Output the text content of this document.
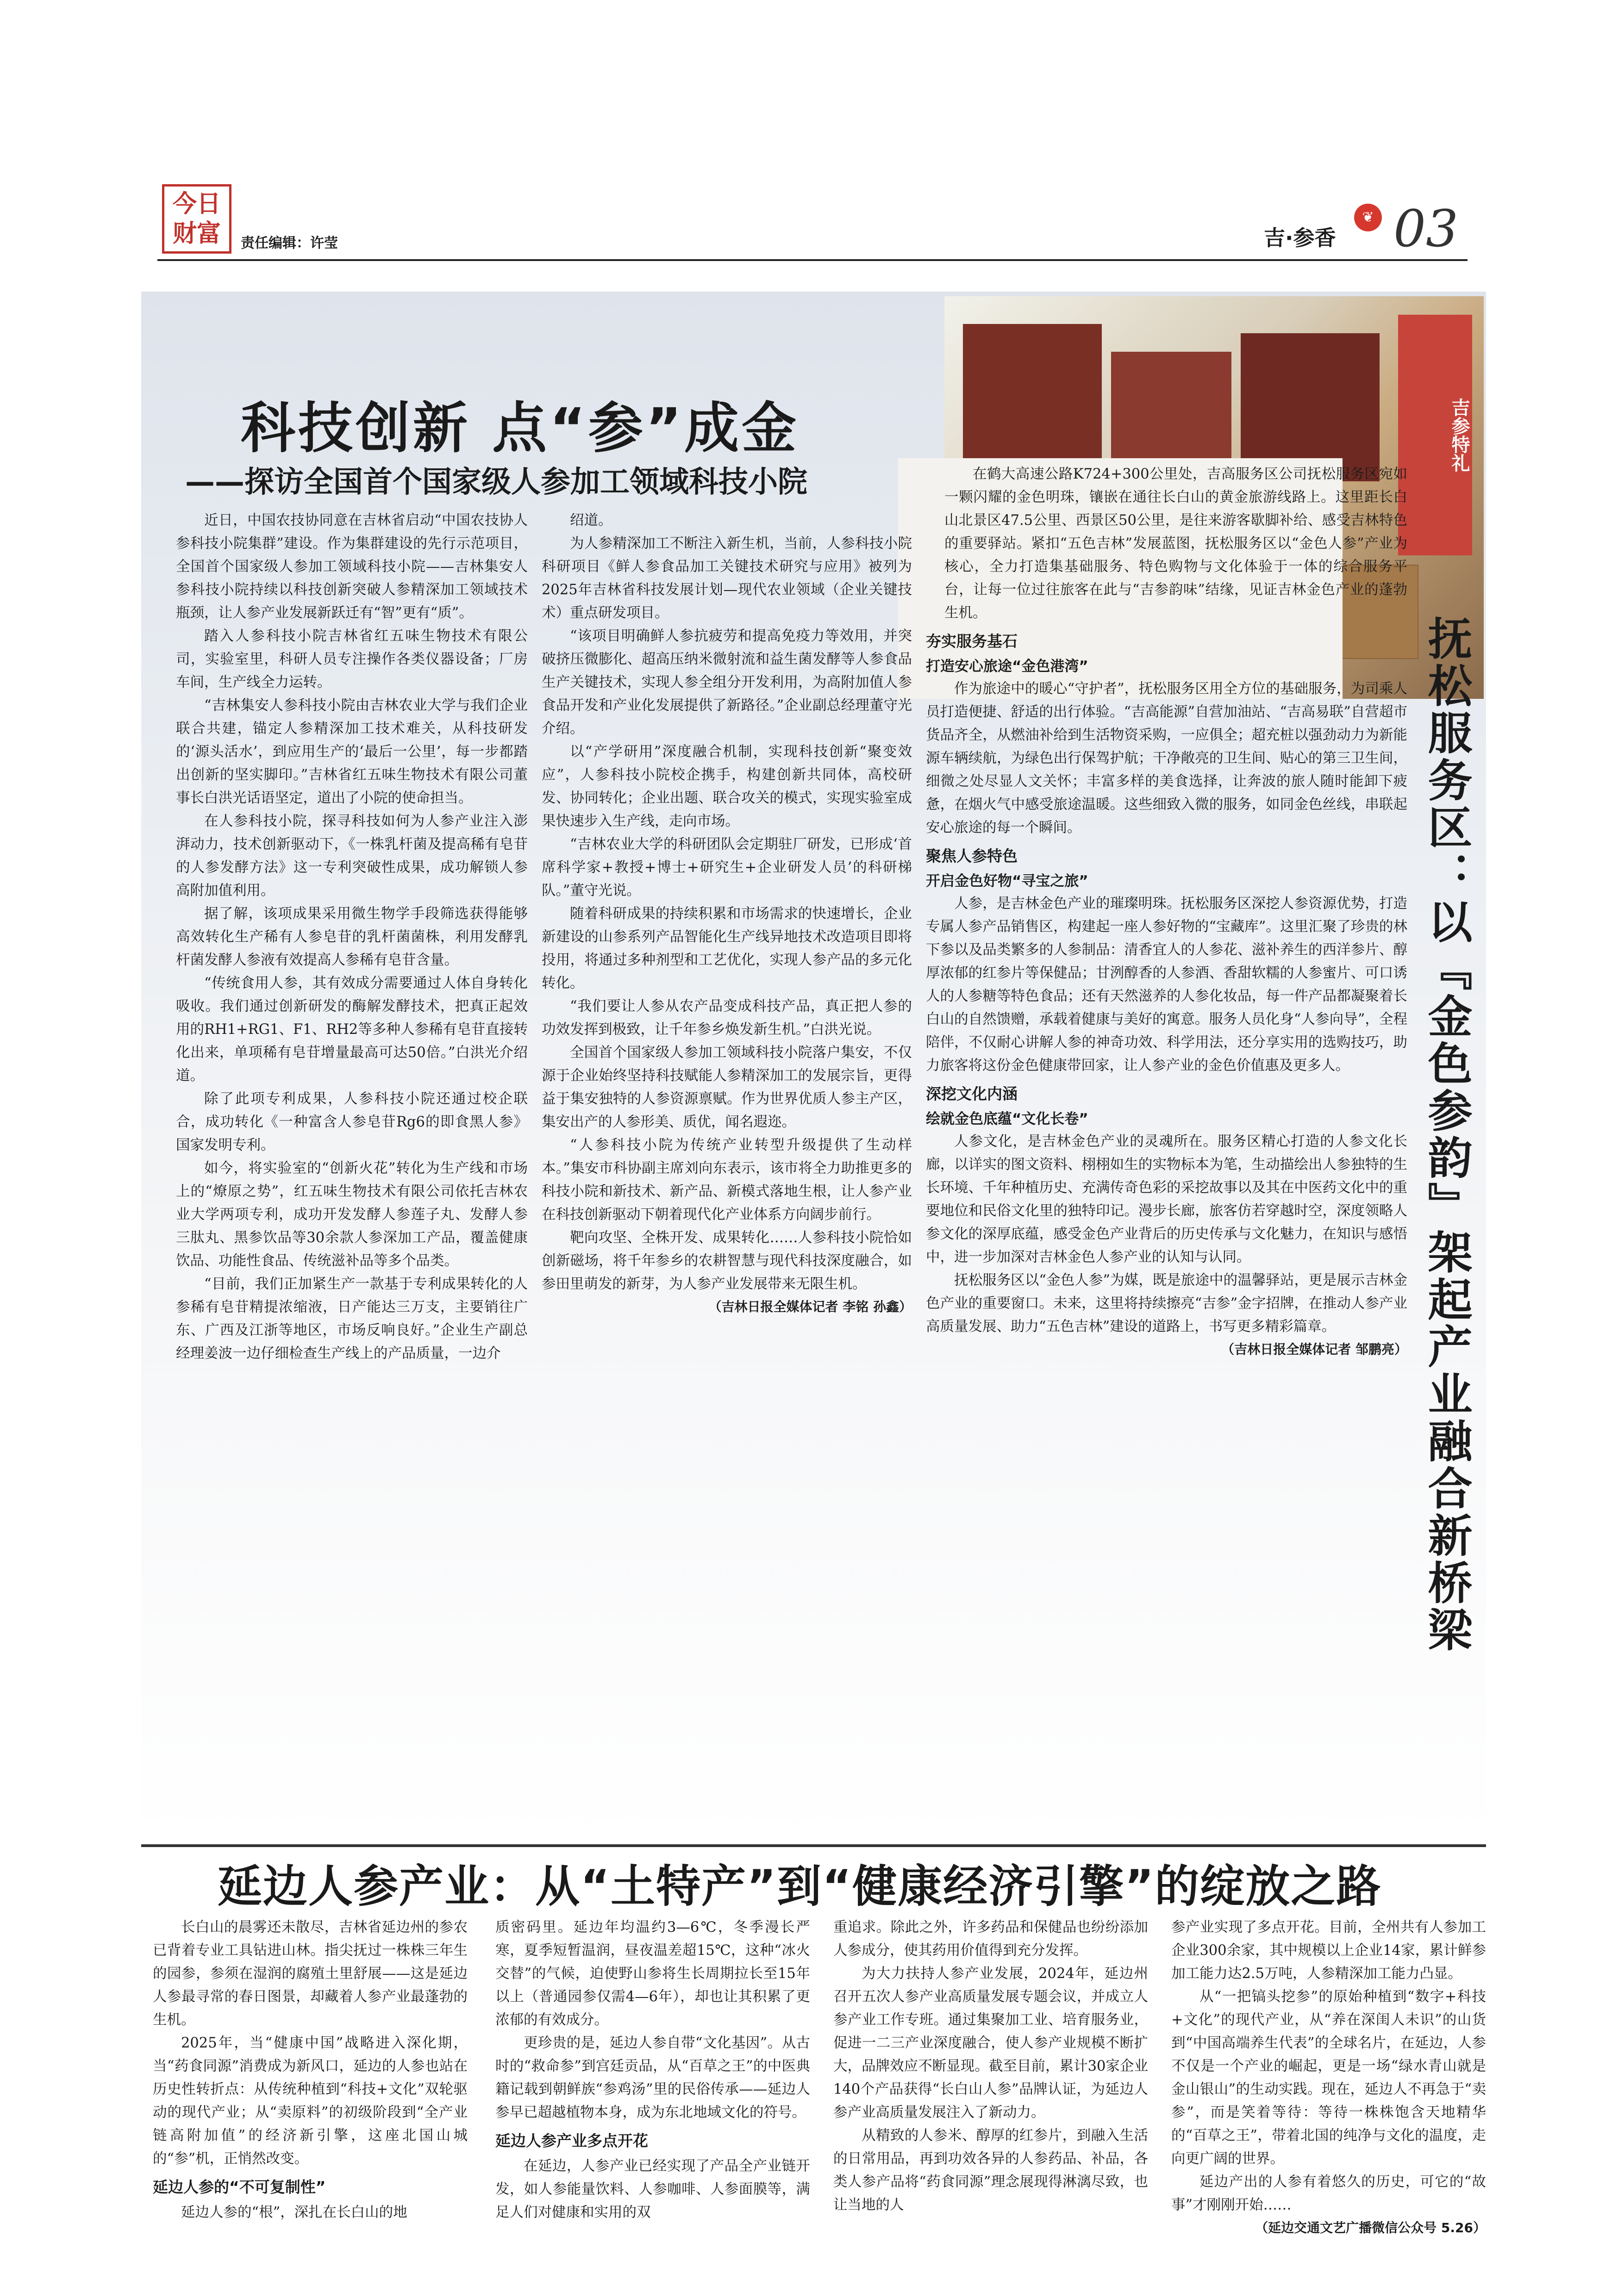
今日财富	责任编辑：许莹
❦
吉·参香 03
吉参特礼
科技创新 点“参”成金
——探访全国首个国家级人参加工领域科技小院

近日，中国农技协同意在吉林省启动“中国农技协人参科技小院集群”建设。作为集群建设的先行示范项目，全国首个国家级人参加工领域科技小院——吉林集安人参科技小院持续以科技创新突破人参精深加工领域技术瓶颈，让人参产业发展新跃迁有“智”更有“质”。

踏入人参科技小院吉林省红五味生物技术有限公司，实验室里，科研人员专注操作各类仪器设备；厂房车间，生产线全力运转。

“吉林集安人参科技小院由吉林农业大学与我们企业联合共建，锚定人参精深加工技术难关，从科技研发的‘源头活水’，到应用生产的‘最后一公里’，每一步都踏出创新的坚实脚印。”吉林省红五味生物技术有限公司董事长白洪光话语坚定，道出了小院的使命担当。

在人参科技小院，探寻科技如何为人参产业注入澎湃动力，技术创新驱动下，《一株乳杆菌及提高稀有皂苷的人参发酵方法》这一专利突破性成果，成功解锁人参高附加值利用。

据了解，该项成果采用微生物学手段筛选获得能够高效转化生产稀有人参皂苷的乳杆菌菌株，利用发酵乳杆菌发酵人参液有效提高人参稀有皂苷含量。

“传统食用人参，其有效成分需要通过人体自身转化吸收。我们通过创新研发的酶解发酵技术，把真正起效用的RH1+RG1、F1、RH2等多种人参稀有皂苷直接转化出来，单项稀有皂苷增量最高可达50倍。”白洪光介绍道。

除了此项专利成果，人参科技小院还通过校企联合，成功转化《一种富含人参皂苷Rg6的即食黑人参》国家发明专利。

如今，将实验室的“创新火花”转化为生产线和市场上的“燎原之势”，红五味生物技术有限公司依托吉林农业大学两项专利，成功开发发酵人参莲子丸、发酵人参三肽丸、黑参饮品等30余款人参深加工产品，覆盖健康饮品、功能性食品、传统滋补品等多个品类。

“目前，我们正加紧生产一款基于专利成果转化的人参稀有皂苷精提浓缩液，日产能达三万支，主要销往广东、广西及江浙等地区，市场反响良好。”企业生产副总经理姜波一边仔细检查生产线上的产品质量，一边介

绍道。

为人参精深加工不断注入新生机，当前，人参科技小院科研项目《鲜人参食品加工关键技术研究与应用》被列为2025年吉林省科技发展计划—现代农业领域（企业关键技术）重点研发项目。

“该项目明确鲜人参抗疲劳和提高免疫力等效用，并突破挤压微膨化、超高压纳米微射流和益生菌发酵等人参食品生产关键技术，实现人参全组分开发利用，为高附加值人参食品开发和产业化发展提供了新路径。”企业副总经理董守光介绍。

以“产学研用”深度融合机制，实现科技创新“聚变效应”，人参科技小院校企携手，构建创新共同体，高校研发、协同转化；企业出题、联合攻关的模式，实现实验室成果快速步入生产线，走向市场。

“吉林农业大学的科研团队会定期驻厂研发，已形成‘首席科学家+教授+博士+研究生+企业研发人员’的科研梯队。”董守光说。

随着科研成果的持续积累和市场需求的快速增长，企业新建设的山参系列产品智能化生产线异地技术改造项目即将投用，将通过多种剂型和工艺优化，实现人参产品的多元化转化。

“我们要让人参从农产品变成科技产品，真正把人参的功效发挥到极致，让千年参乡焕发新生机。”白洪光说。

全国首个国家级人参加工领域科技小院落户集安，不仅源于企业始终坚持科技赋能人参精深加工的发展宗旨，更得益于集安独特的人参资源禀赋。作为世界优质人参主产区，集安出产的人参形美、质优，闻名遐迩。

“人参科技小院为传统产业转型升级提供了生动样本。”集安市科协副主席刘向东表示，该市将全力助推更多的科技小院和新技术、新产品、新模式落地生根，让人参产业在科技创新驱动下朝着现代化产业体系方向阔步前行。

靶向攻坚、全株开发、成果转化……人参科技小院恰如创新磁场，将千年参乡的农耕智慧与现代科技深度融合，如参田里萌发的新芽，为人参产业发展带来无限生机。

（吉林日报全媒体记者 李铭 孙鑫）

在鹤大高速公路K724+300公里处，吉高服务区公司抚松服务区宛如一颗闪耀的金色明珠，镶嵌在通往长白山的黄金旅游线路上。这里距长白山北景区47.5公里、西景区50公里，是往来游客歇脚补给、感受吉林特色的重要驿站。紧扣“五色吉林”发展蓝图，抚松服务区以“金色人参”产业为核心，全力打造集基础服务、特色购物与文化体验于一体的综合服务平台，让每一位过往旅客在此与“吉参韵味”结缘，见证吉林金色产业的蓬勃生机。

夯实服务基石
打造安心旅途“金色港湾”

作为旅途中的暖心“守护者”，抚松服务区用全方位的基础服务，为司乘人员打造便捷、舒适的出行体验。“吉高能源”自营加油站、“吉高易联”自营超市货品齐全，从燃油补给到生活物资采购，一应俱全；超充桩以强劲动力为新能源车辆续航，为绿色出行保驾护航；干净敞亮的卫生间、贴心的第三卫生间，细微之处尽显人文关怀；丰富多样的美食选择，让奔波的旅人随时能卸下疲惫，在烟火气中感受旅途温暖。这些细致入微的服务，如同金色丝线，串联起安心旅途的每一个瞬间。

聚焦人参特色
开启金色好物“寻宝之旅”

人参，是吉林金色产业的璀璨明珠。抚松服务区深挖人参资源优势，打造专属人参产品销售区，构建起一座人参好物的“宝藏库”。这里汇聚了珍贵的林下参以及品类繁多的人参制品：清香宜人的人参花、滋补养生的西洋参片、醇厚浓郁的红参片等保健品；甘洌醇香的人参酒、香甜软糯的人参蜜片、可口诱人的人参糖等特色食品；还有天然滋养的人参化妆品，每一件产品都凝聚着长白山的自然馈赠，承载着健康与美好的寓意。服务人员化身“人参向导”，全程陪伴，不仅耐心讲解人参的神奇功效、科学用法，还分享实用的选购技巧，助力旅客将这份金色健康带回家，让人参产业的金色价值惠及更多人。

深挖文化内涵
绘就金色底蕴“文化长卷”

人参文化，是吉林金色产业的灵魂所在。服务区精心打造的人参文化长廊，以详实的图文资料、栩栩如生的实物标本为笔，生动描绘出人参独特的生长环境、千年种植历史、充满传奇色彩的采挖故事以及其在中医药文化中的重要地位和民俗文化里的独特印记。漫步长廊，旅客仿若穿越时空，深度领略人参文化的深厚底蕴，感受金色产业背后的历史传承与文化魅力，在知识与感悟中，进一步加深对吉林金色人参产业的认知与认同。

抚松服务区以“金色人参”为媒，既是旅途中的温馨驿站，更是展示吉林金色产业的重要窗口。未来，这里将持续擦亮“吉参”金字招牌，在推动人参产业高质量发展、助力“五色吉林”建设的道路上，书写更多精彩篇章。

（吉林日报全媒体记者 邹鹏亮） 抚松服务区：以『金色参韵』架起产业融合新桥梁
延边人参产业：从“土特产”到“健康经济引擎”的绽放之路

长白山的晨雾还未散尽，吉林省延边州的参农已背着专业工具钻进山林。指尖抚过一株株三年生的园参，参须在湿润的腐殖土里舒展——这是延边人参最寻常的春日图景，却藏着人参产业最蓬勃的生机。

2025年，当“健康中国”战略进入深化期，当“药食同源”消费成为新风口，延边的人参也站在历史性转折点：从传统种植到“科技+文化”双轮驱动的现代产业；从“卖原料”的初级阶段到“全产业链高附加值”的经济新引擎，这座北国山城的“参”机，正悄然改变。

延边人参的“不可复制性”

延边人参的“根”，深扎在长白山的地

质密码里。延边年均温约3—6℃，冬季漫长严寒，夏季短暂温润，昼夜温差超15℃，这种“冰火交替”的气候，迫使野山参将生长周期拉长至15年以上（普通园参仅需4—6年），却也让其积累了更浓郁的有效成分。

更珍贵的是，延边人参自带“文化基因”。从古时的“救命参”到宫廷贡品，从“百草之王”的中医典籍记载到朝鲜族“参鸡汤”里的民俗传承——延边人参早已超越植物本身，成为东北地域文化的符号。

延边人参产业多点开花

在延边，人参产业已经实现了产品全产业链开发，如人参能量饮料、人参咖啡、人参面膜等，满足人们对健康和实用的双

重追求。除此之外，许多药品和保健品也纷纷添加人参成分，使其药用价值得到充分发挥。

为大力扶持人参产业发展，2024年，延边州召开五次人参产业高质量发展专题会议，并成立人参产业工作专班。通过集聚加工业、培育服务业，促进一二三产业深度融合，使人参产业规模不断扩大，品牌效应不断显现。截至目前，累计30家企业140个产品获得“长白山人参”品牌认证，为延边人参产业高质量发展注入了新动力。

从精致的人参米、醇厚的红参片，到融入生活的日常用品，再到功效各异的人参药品、补品，各类人参产品将“药食同源”理念展现得淋漓尽致，也让当地的人

参产业实现了多点开花。目前，全州共有人参加工企业300余家，其中规模以上企业14家，累计鲜参加工能力达2.5万吨，人参精深加工能力凸显。

从“一把镐头挖参”的原始种植到“数字+科技+文化”的现代产业，从“养在深闺人未识”的山货到“中国高端养生代表”的全球名片，在延边，人参不仅是一个产业的崛起，更是一场“绿水青山就是金山银山”的生动实践。现在，延边人不再急于“卖参”，而是笑着等待：等待一株株饱含天地精华的“百草之王”，带着北国的纯净与文化的温度，走向更广阔的世界。

延边产出的人参有着悠久的历史，可它的“故事”才刚刚开始……

（延边交通文艺广播微信公众号 5.26）
